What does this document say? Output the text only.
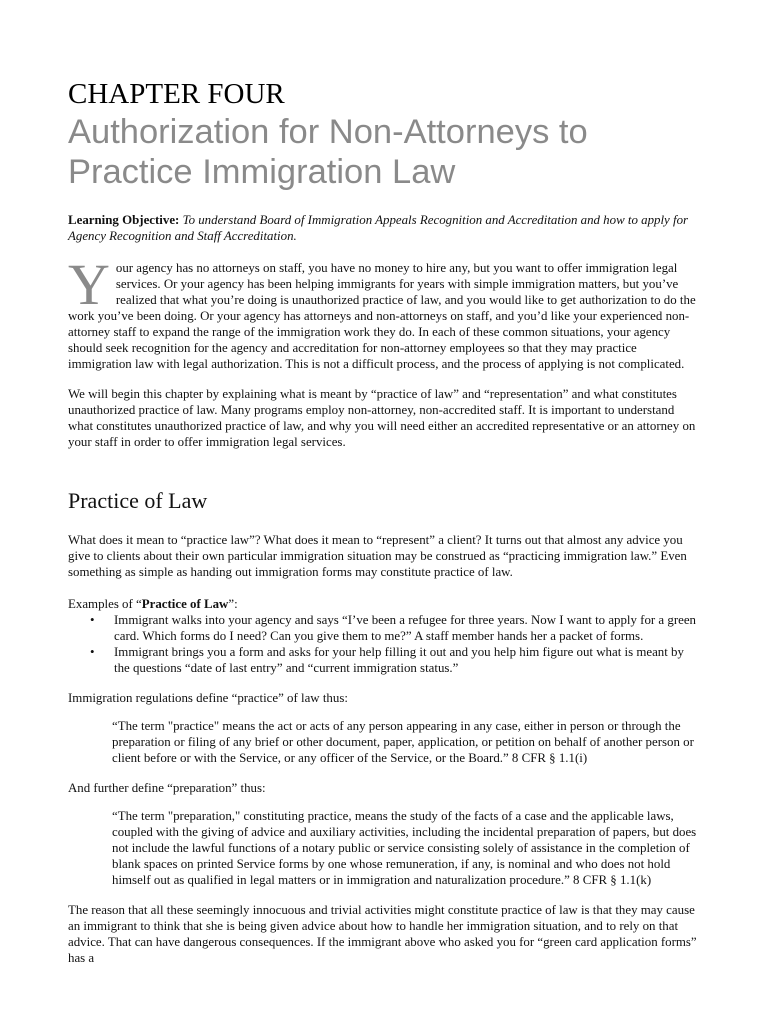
CHAPTER FOUR
Authorization for Non-Attorneys to Practice Immigration Law

Learning Objective: To understand Board of Immigration Appeals Recognition and Accreditation and how to apply for Agency Recognition and Staff Accreditation.

Y our agency has no attorneys on staff, you have no money to hire any, but you want to offer immigration legal services. Or your agency has been helping immigrants for years with simple immigration matters, but you’ve realized that what you’re doing is unauthorized practice of law, and you would like to get authorization to do the work you’ve been doing. Or your agency has attorneys and non-attorneys on staff, and you’d like your experienced non-attorney staff to expand the range of the immigration work they do. In each of these common situations, your agency should seek recognition for the agency and accreditation for non-attorney employees so that they may practice immigration law with legal authorization. This is not a difficult process, and the process of applying is not complicated.

We will begin this chapter by explaining what is meant by “practice of law” and “representation” and what constitutes unauthorized practice of law. Many programs employ non-attorney, non-accredited staff. It is important to understand what constitutes unauthorized practice of law, and why you will need either an accredited representative or an attorney on your staff in order to offer immigration legal services.

Practice of Law

What does it mean to “practice law”? What does it mean to “represent” a client? It turns out that almost any advice you give to clients about their own particular immigration situation may be construed as “practicing immigration law.” Even something as simple as handing out immigration forms may constitute practice of law.

Examples of “Practice of Law”:

• Immigrant walks into your agency and says “I’ve been a refugee for three years. Now I want to apply for a green card. Which forms do I need? Can you give them to me?” A staff member hands her a packet of forms.
• Immigrant brings you a form and asks for your help filling it out and you help him figure out what is meant by the questions “date of last entry” and “current immigration status.”

Immigration regulations define “practice” of law thus:

“The term "practice" means the act or acts of any person appearing in any case, either in person or through the preparation or filing of any brief or other document, paper, application, or petition on behalf of another person or client before or with the Service, or any officer of the Service, or the Board.” 8 CFR § 1.1(i)

And further define “preparation” thus:

“The term "preparation," constituting practice, means the study of the facts of a case and the applicable laws, coupled with the giving of advice and auxiliary activities, including the incidental preparation of papers, but does not include the lawful functions of a notary public or service consisting solely of assistance in the completion of blank spaces on printed Service forms by one whose remuneration, if any, is nominal and who does not hold himself out as qualified in legal matters or in immigration and naturalization procedure.” 8 CFR § 1.1(k)

The reason that all these seemingly innocuous and trivial activities might constitute practice of law is that they may cause an immigrant to think that she is being given advice about how to handle her immigration situation, and to rely on that advice. That can have dangerous consequences. If the immigrant above who asked you for “green card application forms” has a
